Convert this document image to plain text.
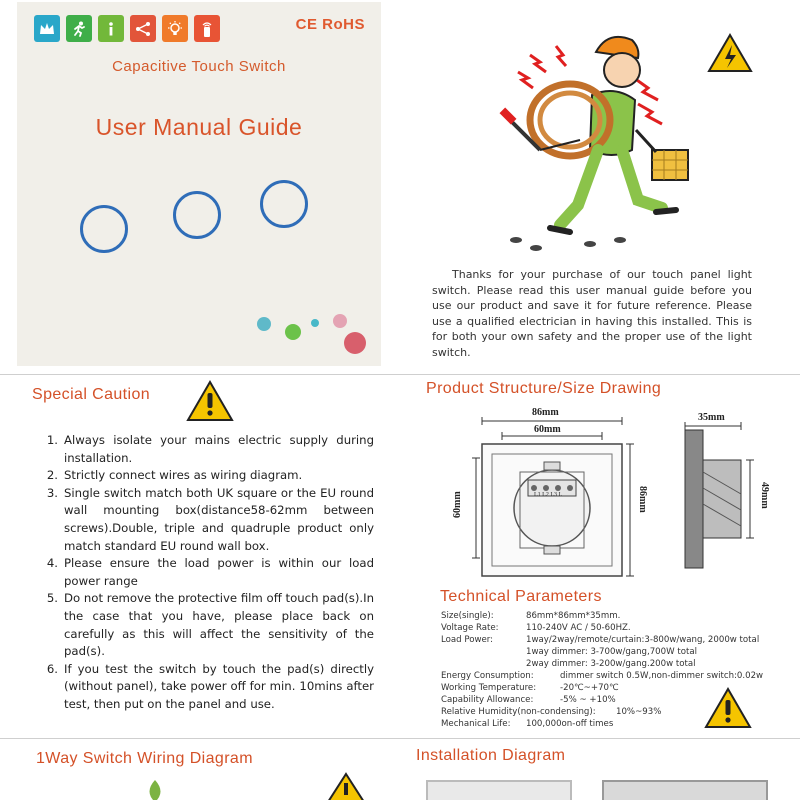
CE RoHS
Capacitive Touch Switch
User Manual Guide
Thanks for your purchase of our touch panel light switch. Please read this user manual guide before you use our product and save it for future reference. Please use a qualified electrician in having this installed. This is for both your own safety and the proper use of the light switch.
Special Caution
1. Always isolate your mains electric supply during installation.
2. Strictly connect wires as wiring diagram.
3. Single switch match both UK square or the EU round wall mounting box(distance58-62mm between screws).Double, triple and quadruple product only match standard EU round wall box.
4. Please ensure the load power is within our load power range
5. Do not remove the protective film off touch pad(s).In the case that you have, please place back on carefully as this will affect the sensitivity of the pad(s).
6. If you test the switch by touch the pad(s) directly (without panel), take power off for min. 10mins after test, then put on the panel and use.
Product Structure/Size Drawing
86mm
60mm
60mm	86mm
35mm
49mm
L1 L2 L3 L
Technical Parameters
Size(single):	86mm*86mm*35mm.
Voltage Rate:	110-240V AC / 50-60HZ.
Load Power:	1way/2way/remote/curtain:3-800w/wang, 2000w total
1way dimmer: 3-700w/gang,700W total
2way dimmer: 3-200w/gang.200w total
Energy Consumption:	dimmer switch 0.5W,non-dimmer switch:0.02w
Working Temperature:	-20℃~+70℃
Capability Allowance:	-5% ~ +10%
Relative Humidity(non-condensing): 10%~93%
Mechanical Life: 100,000on-off times
1Way Switch Wiring Diagram	Installation Diagram
